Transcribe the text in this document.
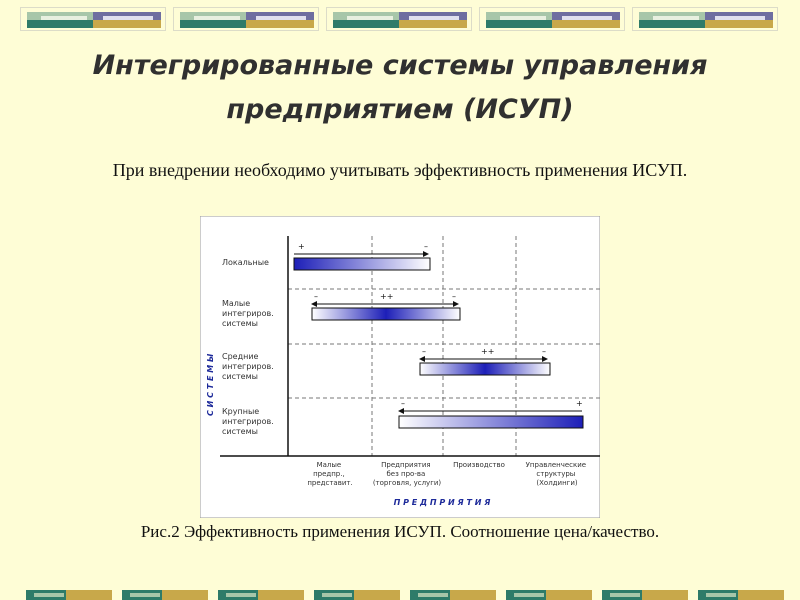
Интегрированные системы управления
предприятием (ИСУП)
При внедрении необходимо учитывать эффективность применения ИСУП.
Локальные
Малые интегриров. системы
Средние интегриров. системы
Крупные интегриров. системы
С И С Т Е М Ы
Малые предпр., представит.
Предприятия без про-ва (торговля, услуги)
Производство	Управленческие структуры (Холдинги)
П Р Е Д П Р И Я Т И Я
+	–
–	++	–
–	++	–
–	+
Рис.2 Эффективность применения ИСУП. Соотношение цена/качество.
